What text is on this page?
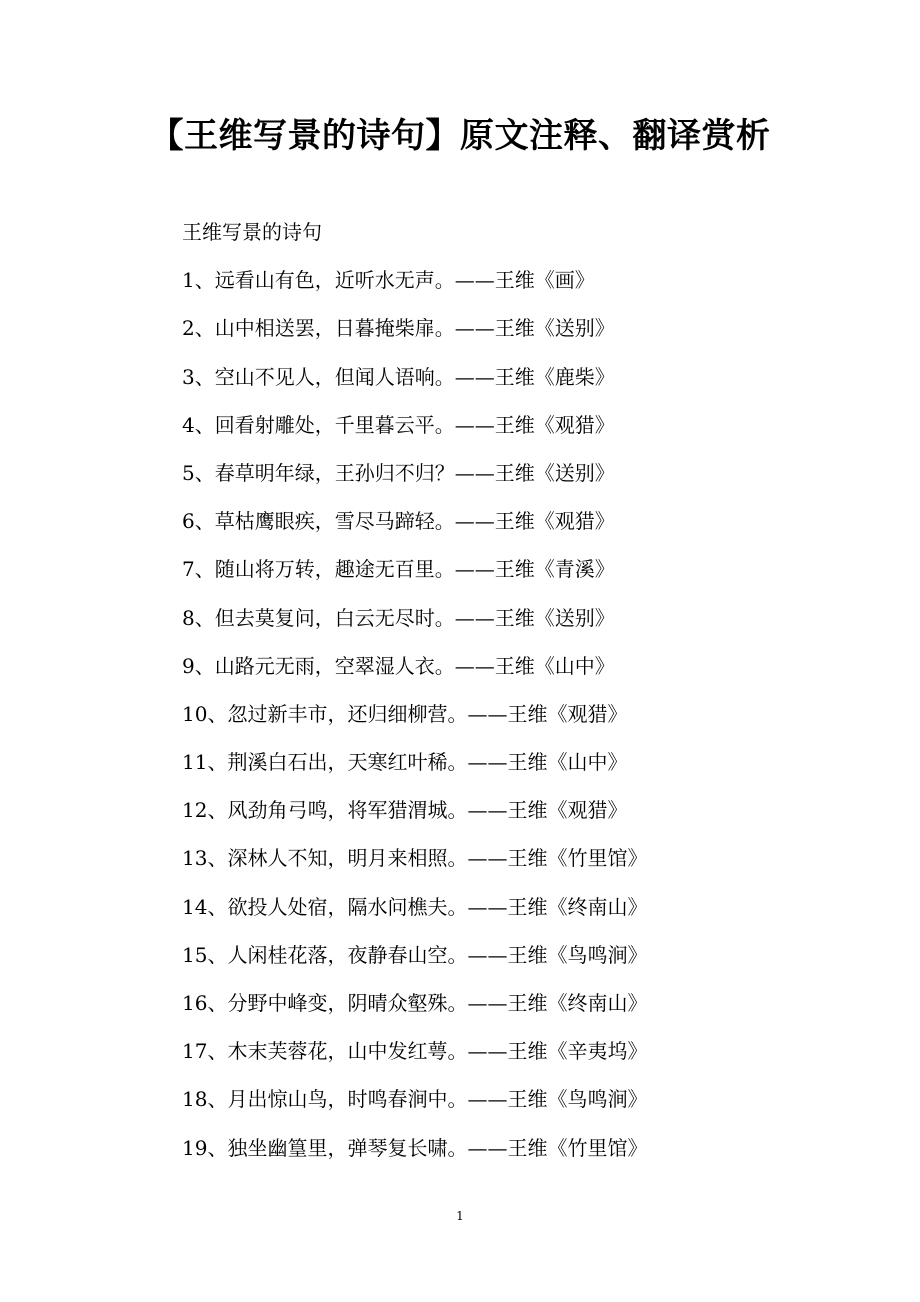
【王维写景的诗句】原文注释、翻译赏析
王维写景的诗句
1、远看山有色，近听水无声。——王维《画》
2、山中相送罢，日暮掩柴扉。——王维《送别》
3、空山不见人，但闻人语响。——王维《鹿柴》
4、回看射雕处，千里暮云平。——王维《观猎》
5、春草明年绿，王孙归不归？——王维《送别》
6、草枯鹰眼疾，雪尽马蹄轻。——王维《观猎》
7、随山将万转，趣途无百里。——王维《青溪》
8、但去莫复问，白云无尽时。——王维《送别》
9、山路元无雨，空翠湿人衣。——王维《山中》
10、忽过新丰市，还归细柳营。——王维《观猎》
11、荆溪白石出，天寒红叶稀。——王维《山中》
12、风劲角弓鸣，将军猎渭城。——王维《观猎》
13、深林人不知，明月来相照。——王维《竹里馆》
14、欲投人处宿，隔水问樵夫。——王维《终南山》
15、人闲桂花落，夜静春山空。——王维《鸟鸣涧》
16、分野中峰变，阴晴众壑殊。——王维《终南山》
17、木末芙蓉花，山中发红萼。——王维《辛夷坞》
18、月出惊山鸟，时鸣春涧中。——王维《鸟鸣涧》
19、独坐幽篁里，弹琴复长啸。——王维《竹里馆》
1
